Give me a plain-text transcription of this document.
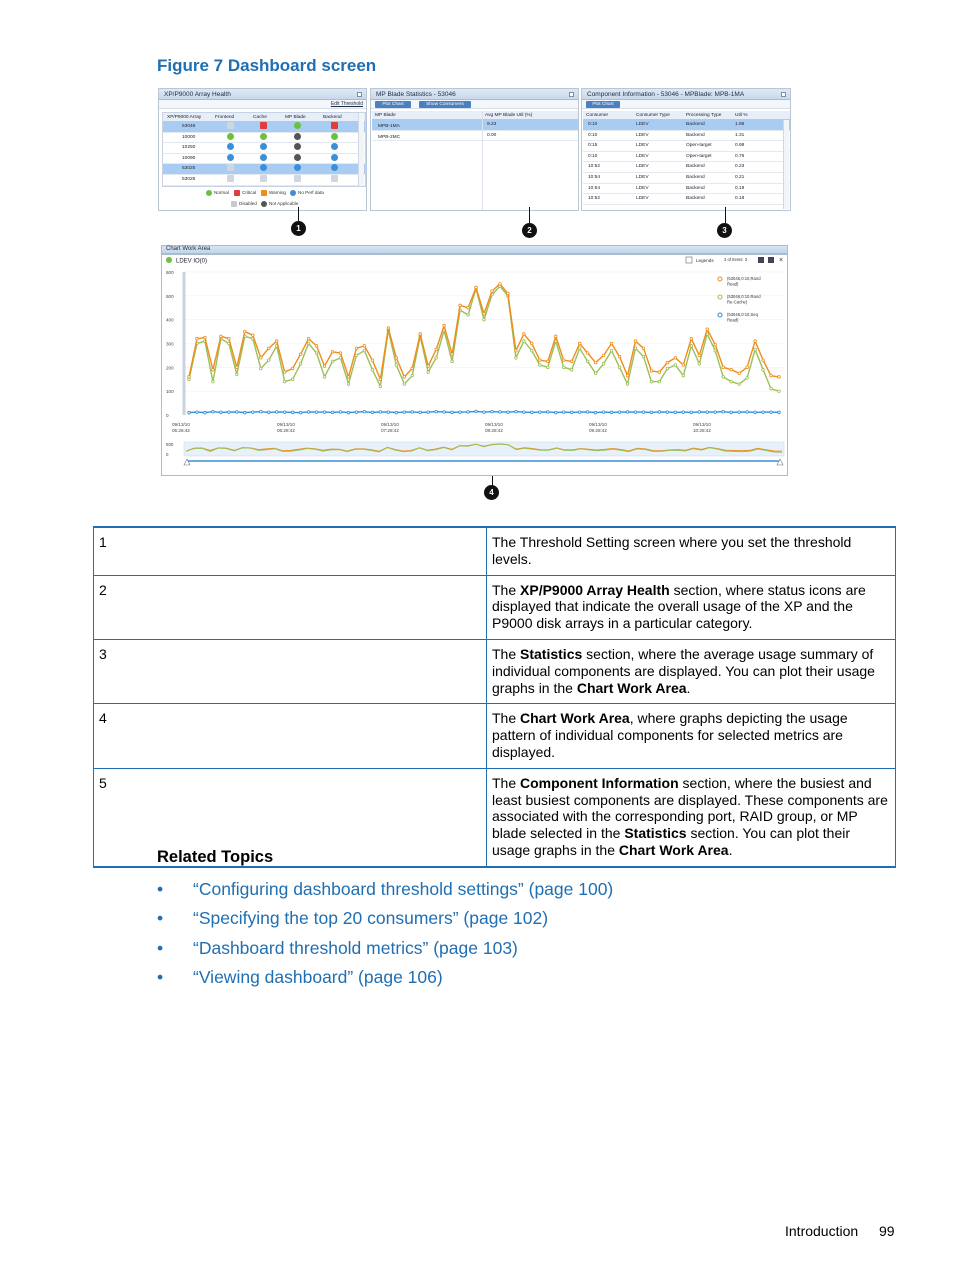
Figure 7 Dashboard screen
XP/P9000 Array Health
Edit Threshold
XP/P9000 Array	Frontend	Cache	MP Blade	Backend
53046
10000
10250
10090
53025
53026
Normal	Critical	Warning	No Perf data
Disabled	Not Applicable
MP Blade Statistics - 53046
Plot Chart	Show Consumers
MP Blade	Avg MP Blade Util (%)
MPB-1MA	9.23
MPB-2MC	0.00
Component Information - 53046 - MPBlade: MPB-1MA
Plot Chart
Consumer	Consumer Type	Processing Type	Util %
0:10	LDEV	Backend	1.86
0:10	LDEV	Backend	1.31
0:15	LDEV	Open-target	0.98
0:10	LDEV	Open-target	0.76
10:52	LDEV	Backend	0.23
10:54	LDEV	Backend	0.21
10:54	LDEV	Backend	0.19
10:52	LDEV	Backend	0.18
1	2	3
Chart Work Area
LDEV IO(0)	Legends 3 of Items: 3	×
600
500
400
300
200
100
0
09/13/10
05:28:42
09/13/10
06:28:42
09/13/10
07:28:42
09/13/10
08:28:42
09/13/10
09:28:42
09/13/10
10:28:42
(53046,0:10,Rand Read)
(53046,0:10,Rand Re-Cache)
(53046,0:10,Seq Read)
500
0
4
1	The Threshold Setting screen where you set the threshold levels.
2	The XP/P9000 Array Health section, where status icons are displayed that indicate the overall usage of the XP and the P9000 disk arrays in a particular category.
3	The Statistics section, where the average usage summary of individual components are displayed. You can plot their usage graphs in the Chart Work Area.
4	The Chart Work Area, where graphs depicting the usage pattern of individual components for selected metrics are displayed.
5	The Component Information section, where the busiest and least busiest components are displayed. These components are associated with the corresponding port, RAID group, or MP blade selected in the Statistics section. You can plot their usage graphs in the Chart Work Area.
Related Topics
• “Configuring dashboard threshold settings” (page 100)
• “Specifying the top 20 consumers” (page 102)
• “Dashboard threshold metrics” (page 103)
• “Viewing dashboard” (page 106)
Introduction 99
